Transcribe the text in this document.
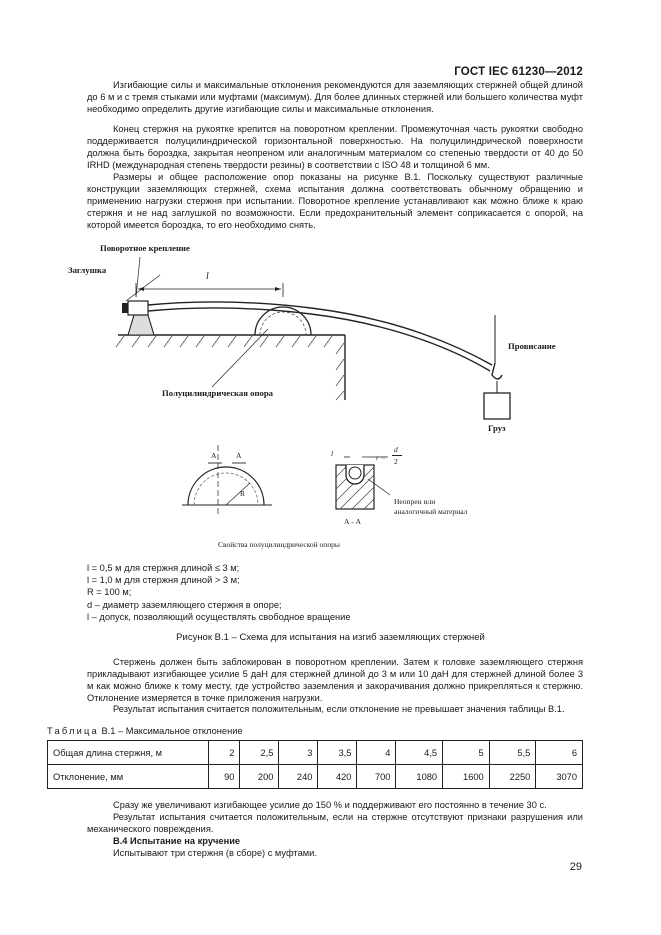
ГОСТ IEC 61230—2012

Изгибающие силы и максимальные отклонения рекомендуются для заземляющих стержней общей длиной до 6 м и с тремя стыками или муфтами (максимум). Для более длинных стержней или большего количества муфт необходимо определить другие изгибающие силы и максимальные отклонения.

Конец стержня на рукоятке крепится на поворотном креплении. Промежуточная часть рукоятки свободно поддерживается полуцилиндрической горизонтальной поверхностью. На полуцилиндрической поверхности должна быть бороздка, закрытая неопреном или аналогичным материалом со степенью твердости от 40 до 50 IRHD (международная степень твердости резины) в соответствии с ISO 48 и толщиной 6 мм.

Размеры и общее расположение опор показаны на рисунке В.1. Поскольку существуют различные конструкции заземляющих стержней, схема испытания должна соответствовать обычному обращению и применению нагрузки стержня при испытании. Поворотное крепление устанавливают как можно ближе к краю стержня и не над заглушкой по возможности. Если предохранительный элемент соприкасается с опорой, на которой имеется бороздка, то его необходимо снять.

Поворотное крепление
Заглушка
l
Провисание
Полуцилиндрическая опора
Груз
A	A
R
l	r =
d
2
Неопрен или аналогичный материал
А - А
Свойства полуцилиндрической опоры
l = 0,5 м для стержня длиной ≤ 3 м;
l = 1,0 м для стержня длиной > 3 м;
R = 100 м;
d – диаметр заземляющего стержня в опоре;
l – допуск, позволяющий осуществлять свободное вращение
Рисунок В.1 – Схема для испытания на изгиб заземляющих стержней

Стержень должен быть заблокирован в поворотном креплении. Затем к головке заземляющего стержня прикладывают изгибающее усилие 5 даН для стержней длиной до 3 м или 10 даН для стержней длиной более 3 м как можно ближе к тому месту, где устройство заземления и закорачивания должно прикрепляться к стержню. Отклонение измеряется в точке приложения нагрузки.

Результат испытания считается положительным, если отклонение не превышает значения таблицы В.1.

Таблица В.1 – Максимальное отклонение
Общая длина стержня, м	2	2,5	3	3,5	4	4,5	5	5,5	6
Отклонение, мм	90	200	240	420	700	1080	1600	2250	3070

Сразу же увеличивают изгибающее усилие до 150 % и поддерживают его постоянно в течение 30 с.

Результат испытания считается положительным, если на стержне отсутствуют признаки разрушения или механического повреждения.

В.4 Испытание на кручение

Испытывают три стержня (в сборе) с муфтами.

29
